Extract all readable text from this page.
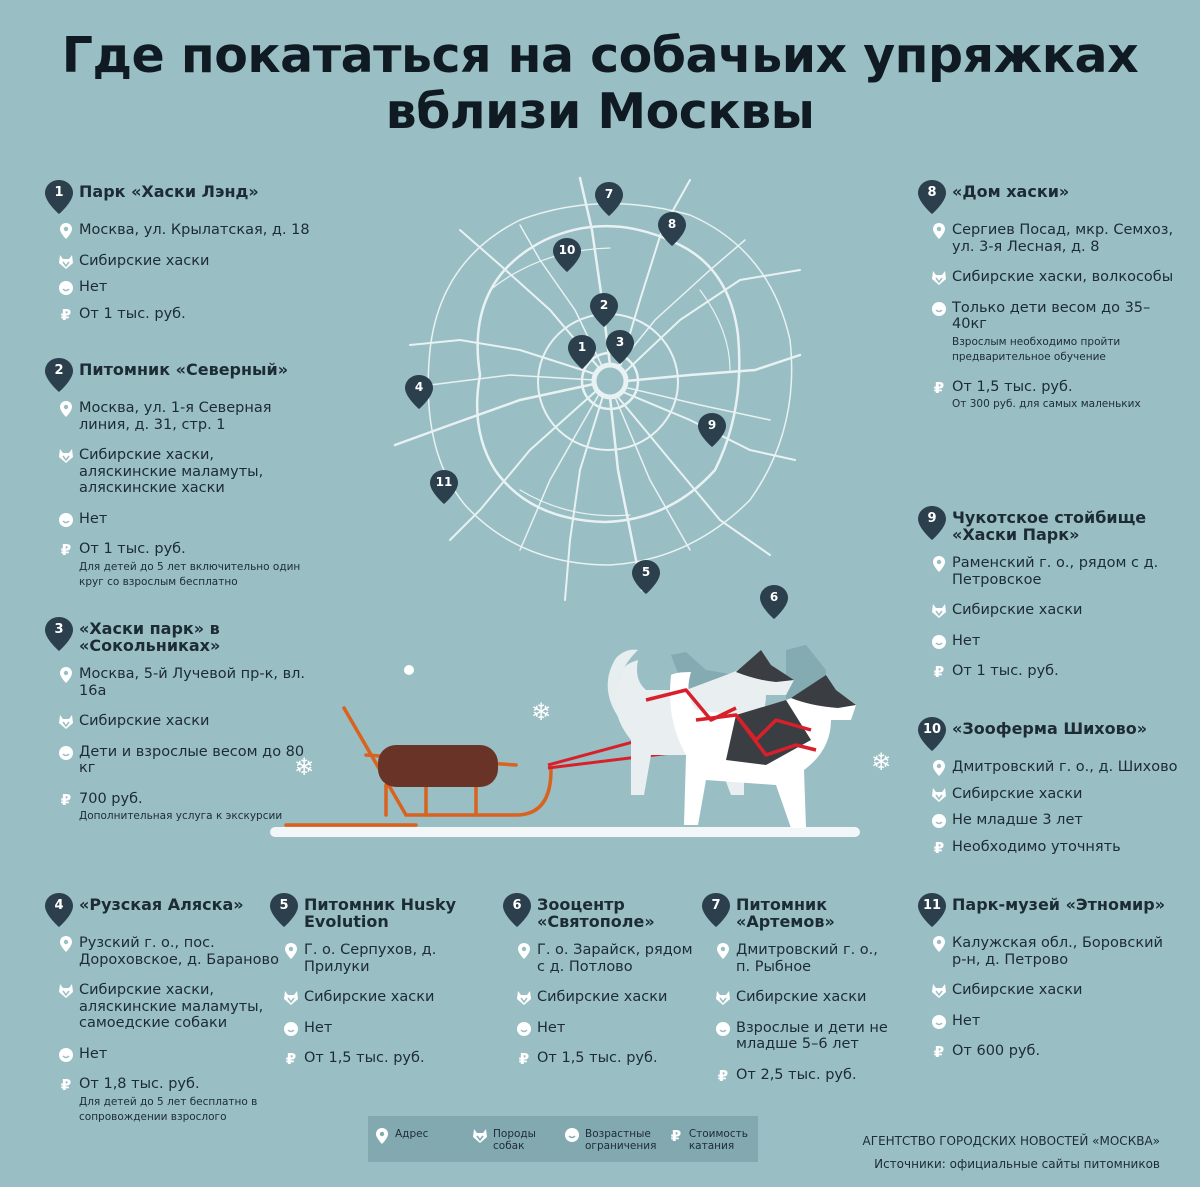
Где покататься на собачьих упряжках
вблизи Москвы
1 Парк «Хаски Лэнд»
Москва, ул. Крылатская, д. 18
Сибирские хаски
Нет
₽ От 1 тыс. руб.
2 Питомник «Северный»
Москва, ул. 1-я Северная линия, д. 31, стр. 1
Сибирские хаски, аляскинские маламуты, аляскинские хаски
Нет
₽ От 1 тыс. руб.
Для детей до 5 лет включительно один круг со взрослым бесплатно
3 «Хаски парк» в «Сокольниках»
Москва, 5-й Лучевой пр-к, вл. 16а
Сибирские хаски
Дети и взрослые весом до 80 кг
₽ 700 руб.
Дополнительная услуга к экскурсии
4 «Рузская Аляска»
Рузский г. о., пос. Дороховское, д. Бараново
Сибирские хаски, аляскинские маламуты, самоедские собаки
Нет
₽ От 1,8 тыс. руб.
Для детей до 5 лет бесплатно в сопровождении взрослого
5 Питомник Husky Evolution
Г. о. Серпухов, д. Прилуки
Сибирские хаски
Нет
₽ От 1,5 тыс. руб.
6 Зооцентр «Святополе»
Г. о. Зарайск, рядом с д. Потлово
Сибирские хаски
Нет
₽ От 1,5 тыс. руб.
7 Питомник «Артемов»
Дмитровский г. о., п. Рыбное
Сибирские хаски
Взрослые и дети не младше 5–6 лет
₽ От 2,5 тыс. руб.
8 «Дом хаски»
Сергиев Посад, мкр. Семхоз, ул. 3-я Лесная, д. 8
Сибирские хаски, волкособы
Только дети весом до 35–40кг
Взрослым необходимо пройти предварительное обучение
₽ От 1,5 тыс. руб.
От 300 руб. для самых маленьких
9 Чукотское стойбище «Хаски Парк»
Раменский г. о., рядом с д. Петровское
Сибирские хаски
Нет
₽ От 1 тыс. руб.
10 «Зооферма Шихово»
Дмитровский г. о., д. Шихово
Сибирские хаски
Не младше 3 лет
₽ Необходимо уточнять
11 Парк-музей «Этномир»
Калужская обл., Боровский р-н, д. Петрово
Сибирские хаски
Нет
₽ От 600 руб.
1
2
3
4
5
6
7
8
9
10
11
❄
❄	❄
Адрес	Породы собак
Возрастные ограничения
₽ Стоимость катания	АГЕНТСТВО ГОРОДСКИХ НОВОСТЕЙ «МОСКВА»
Источники: официальные сайты питомников
